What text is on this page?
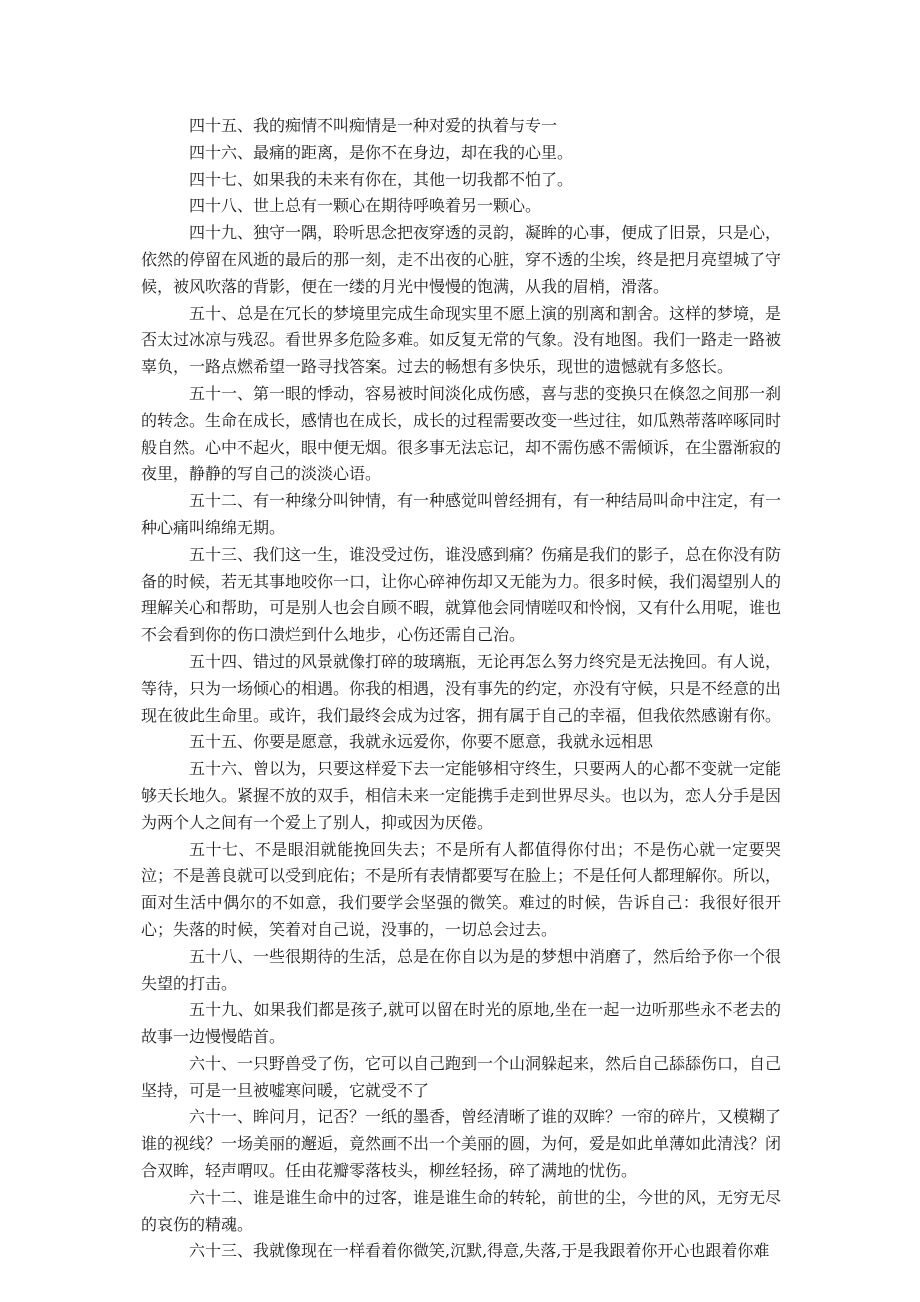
四十五、我的痴情不叫痴情是一种对爱的执着与专一

四十六、最痛的距离，是你不在身边，却在我的心里。

四十七、如果我的未来有你在，其他一切我都不怕了。

四十八、世上总有一颗心在期待呼唤着另一颗心。

四十九、独守一隅，聆听思念把夜穿透的灵韵，凝眸的心事，便成了旧景，只是心，依然的停留在风逝的最后的那一刻，走不出夜的心脏，穿不透的尘埃，终是把月亮望城了守候，被风吹落的背影，便在一缕的月光中慢慢的饱满，从我的眉梢，滑落。

五十、总是在冗长的梦境里完成生命现实里不愿上演的别离和割舍。这样的梦境，是否太过冰凉与残忍。看世界多危险多难。如反复无常的气象。没有地图。我们一路走一路被辜负，一路点燃希望一路寻找答案。过去的畅想有多快乐，现世的遗憾就有多悠长。

五十一、第一眼的悸动，容易被时间淡化成伤感，喜与悲的变换只在倏忽之间那一刹的转念。生命在成长，感情也在成长，成长的过程需要改变一些过往，如瓜熟蒂落啐啄同时般自然。心中不起火，眼中便无烟。很多事无法忘记，却不需伤感不需倾诉，在尘嚣渐寂的夜里，静静的写自己的淡淡心语。

五十二、有一种缘分叫钟情，有一种感觉叫曾经拥有，有一种结局叫命中注定，有一种心痛叫绵绵无期。

五十三、我们这一生，谁没受过伤，谁没感到痛？伤痛是我们的影子，总在你没有防备的时候，若无其事地咬你一口，让你心碎神伤却又无能为力。很多时候，我们渴望别人的理解关心和帮助，可是别人也会自顾不暇，就算他会同情嗟叹和怜悯，又有什么用呢，谁也不会看到你的伤口溃烂到什么地步，心伤还需自己治。

五十四、错过的风景就像打碎的玻璃瓶，无论再怎么努力终究是无法挽回。有人说，等待，只为一场倾心的相遇。你我的相遇，没有事先的约定，亦没有守候，只是不经意的出现在彼此生命里。或许，我们最终会成为过客，拥有属于自己的幸福，但我依然感谢有你。

五十五、你要是愿意，我就永远爱你，你要不愿意，我就永远相思

五十六、曾以为，只要这样爱下去一定能够相守终生，只要两人的心都不变就一定能够天长地久。紧握不放的双手，相信未来一定能携手走到世界尽头。也以为，恋人分手是因为两个人之间有一个爱上了别人，抑或因为厌倦。

五十七、不是眼泪就能挽回失去；不是所有人都值得你付出；不是伤心就一定要哭泣；不是善良就可以受到庇佑；不是所有表情都要写在脸上；不是任何人都理解你。所以，面对生活中偶尔的不如意，我们要学会坚强的微笑。难过的时候，告诉自己：我很好很开心；失落的时候，笑着对自己说，没事的，一切总会过去。

五十八、一些很期待的生活，总是在你自以为是的梦想中消磨了，然后给予你一个很失望的打击。

五十九、如果我们都是孩子,就可以留在时光的原地,坐在一起一边听那些永不老去的故事一边慢慢皓首。

六十、一只野兽受了伤，它可以自己跑到一个山洞躲起来，然后自己舔舔伤口，自己坚持，可是一旦被嘘寒问暖，它就受不了

六十一、眸问月，记否？一纸的墨香，曾经清晰了谁的双眸？一帘的碎片，又模糊了谁的视线？一场美丽的邂逅，竟然画不出一个美丽的圆，为何，爱是如此单薄如此清浅？闭合双眸，轻声喟叹。任由花瓣零落枝头，柳丝轻扬，碎了满地的忧伤。

六十二、谁是谁生命中的过客，谁是谁生命的转轮，前世的尘，今世的风，无穷无尽的哀伤的精魂。

六十三、我就像现在一样看着你微笑,沉默,得意,失落,于是我跟着你开心也跟着你难
